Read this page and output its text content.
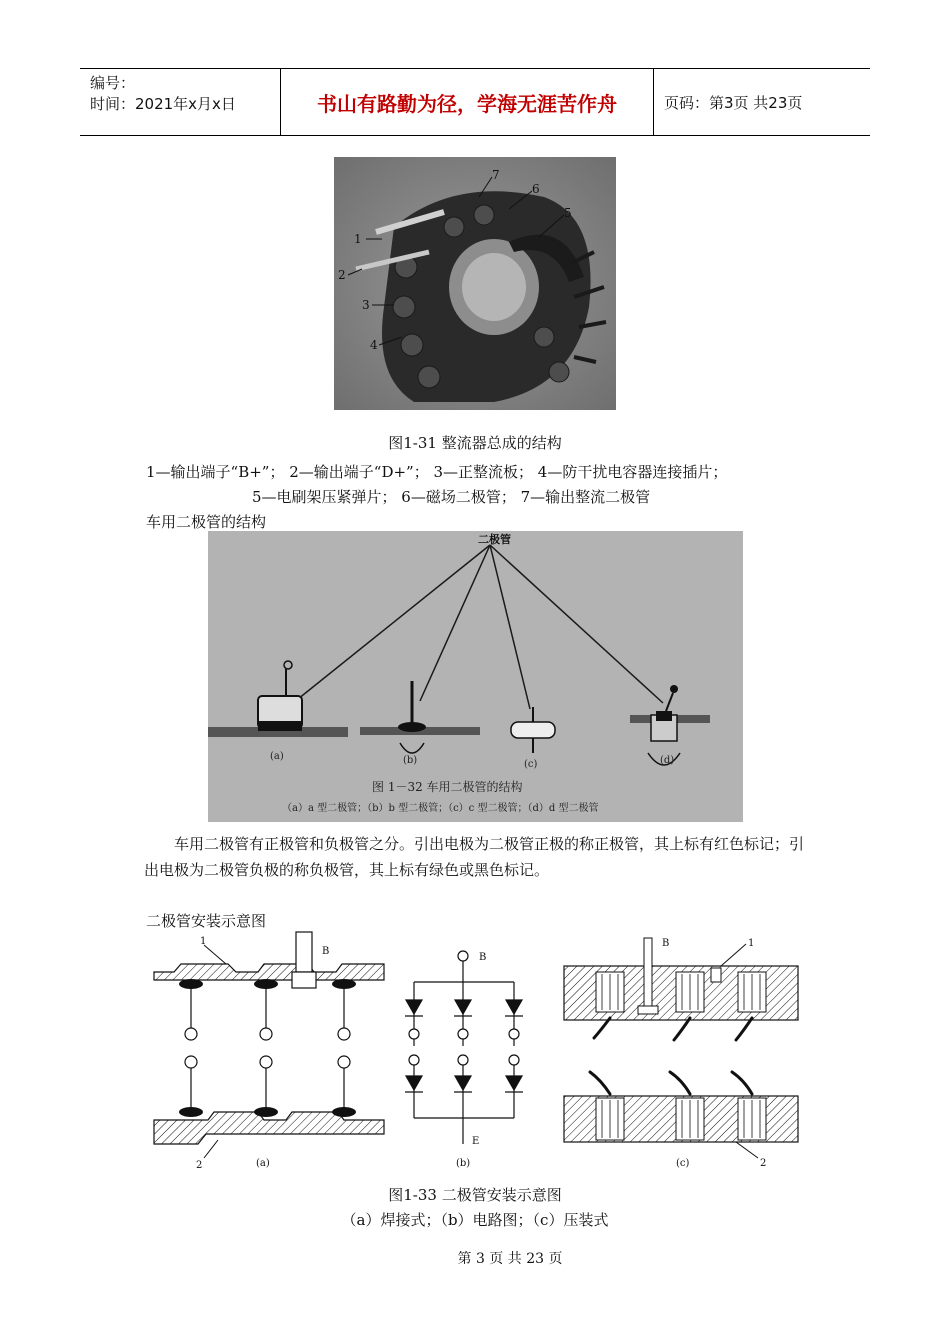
编号：
时间：2021年x月x日	书山有路勤为径，学海无涯苦作舟	页码：第3页 共23页
1
2
3
4
5
6
7
图1-31 整流器总成的结构
1—输出端子“B+”； 2—输出端子“D+”； 3—正整流板； 4—防干扰电容器连接插片；
5—电刷架压紧弹片； 6—磁场二极管； 7—输出整流二极管
车用二极管的结构
二极管
(a)	(b)	(c)	(d)
图 1－32 车用二极管的结构
（a）a 型二极管；（b）b 型二极管；（c）c 型二极管；（d）d 型二极管
车用二极管有正极管和负极管之分。引出电极为二极管正极的称正极管，其上标有红色标记；引出电极为二极管负极的称负极管，其上标有绿色或黑色标记。
二极管安装示意图
1
B
2
B
E
B	1
2
(a)	(b)	(c)
图1-33 二极管安装示意图
（a）焊接式；（b）电路图；（c）压装式
第 3 页 共 23 页
